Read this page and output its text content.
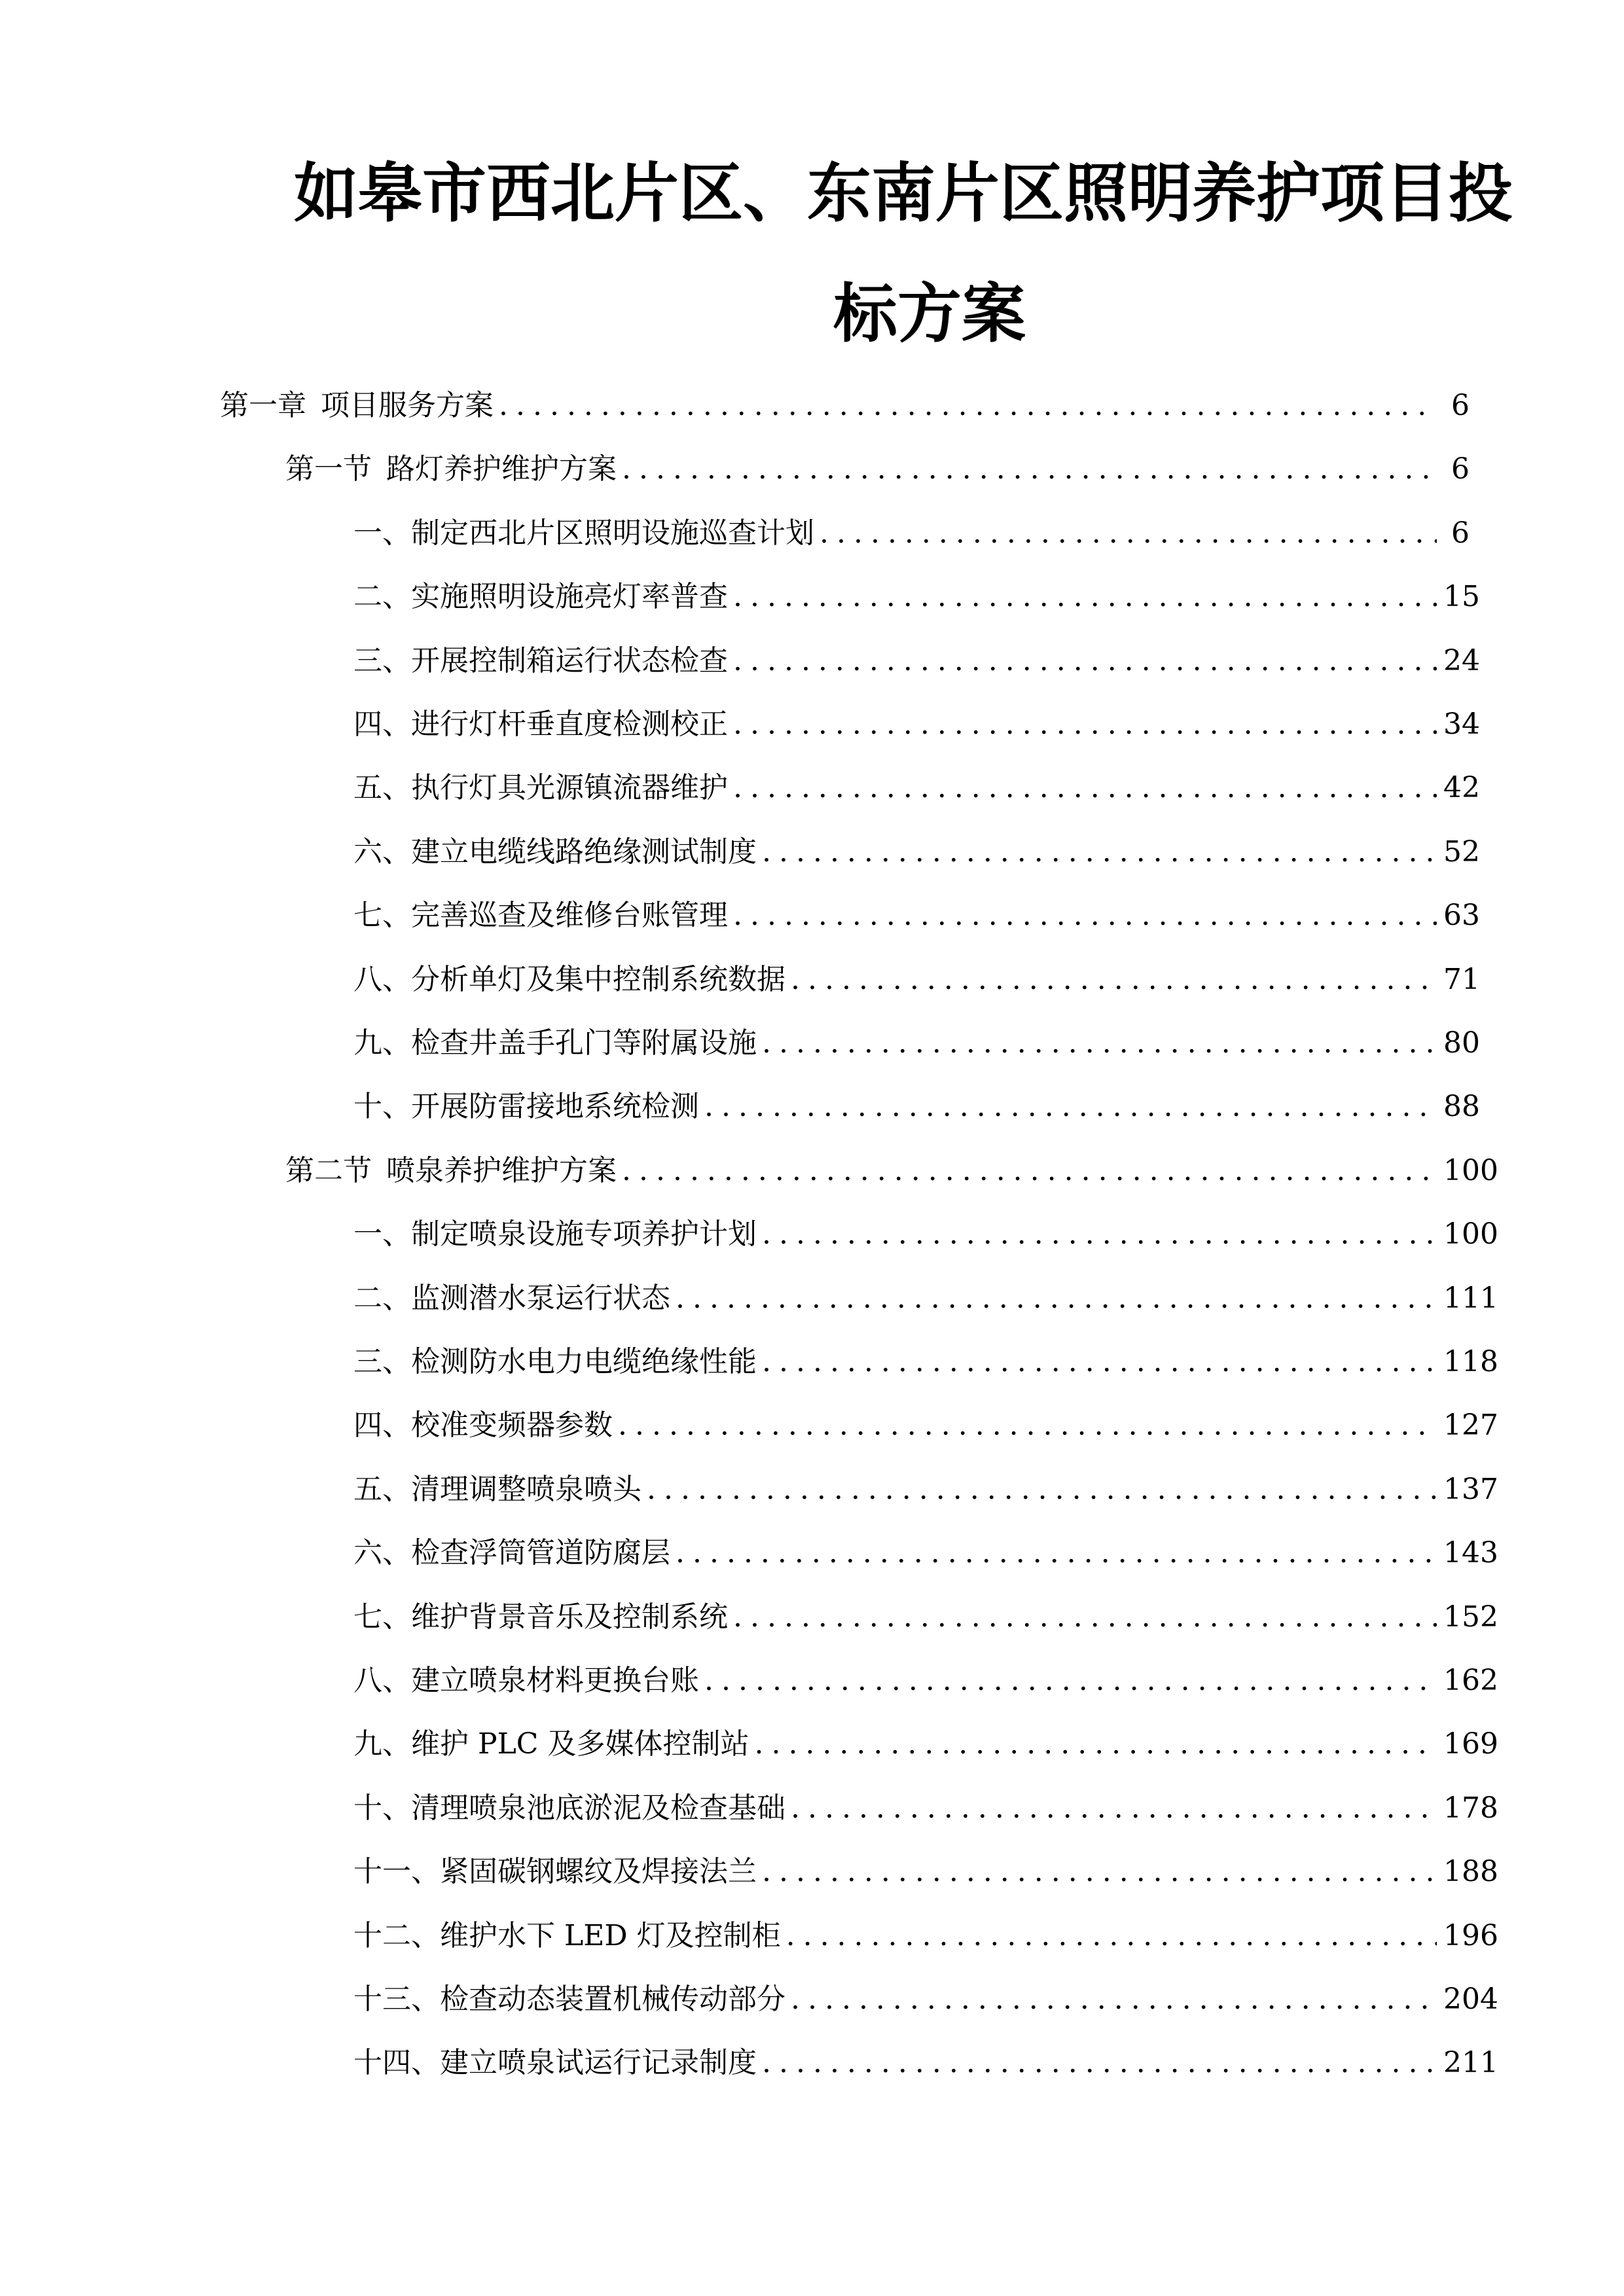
如皋市西北片区、东南片区照明养护项目投
标方案
第一章 项目服务方案 .....	6
第一节 路灯养护维护方案 .....	6
一、 制定西北片区照明设施巡查计划 .....	6
二、 实施照明设施亮灯率普查 .....	15
三、 开展控制箱运行状态检查 .....	24
四、 进行灯杆垂直度检测校正 .....	34
五、 执行灯具光源镇流器维护 .....	42
六、 建立电缆线路绝缘测试制度 .....	52
七、 完善巡查及维修台账管理 .....	63
八、 分析单灯及集中控制系统数据 .....	71
九、 检查井盖手孔门等附属设施 .....	80
十、 开展防雷接地系统检测 .....	88
第二节 喷泉养护维护方案 .....	100
一、 制定喷泉设施专项养护计划 .....	100
二、 监测潜水泵运行状态 .....	111
三、 检测防水电力电缆绝缘性能 .....	118
四、 校准变频器参数 .....	127
五、 清理调整喷泉喷头 .....	137
六、 检查浮筒管道防腐层 .....	143
七、 维护背景音乐及控制系统 .....	152
八、 建立喷泉材料更换台账 .....	162
九、 维护 PLC 及多媒体控制站 .....	169
十、 清理喷泉池底淤泥及检查基础 .....	178
十一、 紧固碳钢螺纹及焊接法兰 .....	188
十二、 维护水下 LED 灯及控制柜 .....	196
十三、 检查动态装置机械传动部分 .....	204
十四、 建立喷泉试运行记录制度 .....	211
